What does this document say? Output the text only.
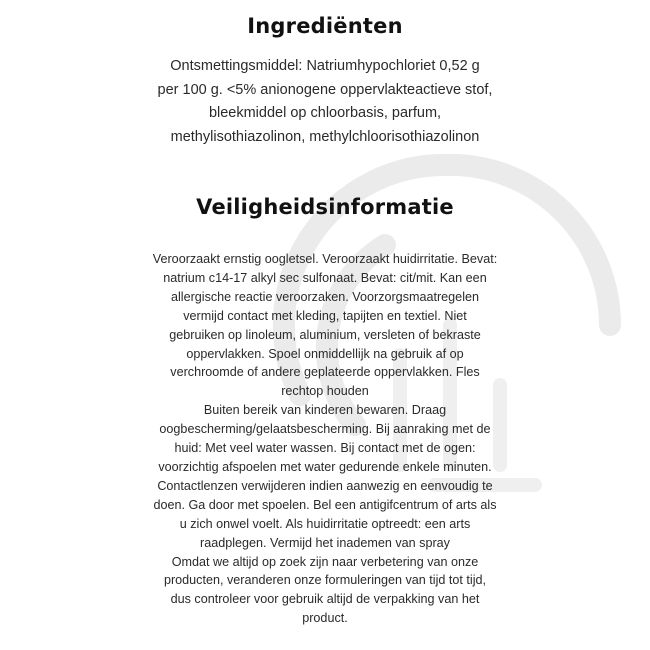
Ingrediënten

Ontsmettingsmiddel: Natriumhypochloriet 0,52 g
per 100 g. <5% anionogene oppervlakteactieve stof,
bleekmiddel op chloorbasis, parfum,
methylisothiazolinon, methylchloorisothiazolinon

Veiligheidsinformatie

Veroorzaakt ernstig oogletsel. Veroorzaakt huidirritatie. Bevat:
natrium c14-17 alkyl sec sulfonaat. Bevat: cit/mit. Kan een
allergische reactie veroorzaken. Voorzorgsmaatregelen
vermijd contact met kleding, tapijten en textiel. Niet
gebruiken op linoleum, aluminium, versleten of bekraste
oppervlakken. Spoel onmiddellijk na gebruik af op
verchroomde of andere geplateerde oppervlakken. Fles
rechtop houden
Buiten bereik van kinderen bewaren. Draag
oogbescherming/gelaatsbescherming. Bij aanraking met de
huid: Met veel water wassen. Bij contact met de ogen:
voorzichtig afspoelen met water gedurende enkele minuten.
Contactlenzen verwijderen indien aanwezig en eenvoudig te
doen. Ga door met spoelen. Bel een antigifcentrum of arts als
u zich onwel voelt. Als huidirritatie optreedt: een arts
raadplegen. Vermijd het inademen van spray
Omdat we altijd op zoek zijn naar verbetering van onze
producten, veranderen onze formuleringen van tijd tot tijd,
dus controleer voor gebruik altijd de verpakking van het
product.
